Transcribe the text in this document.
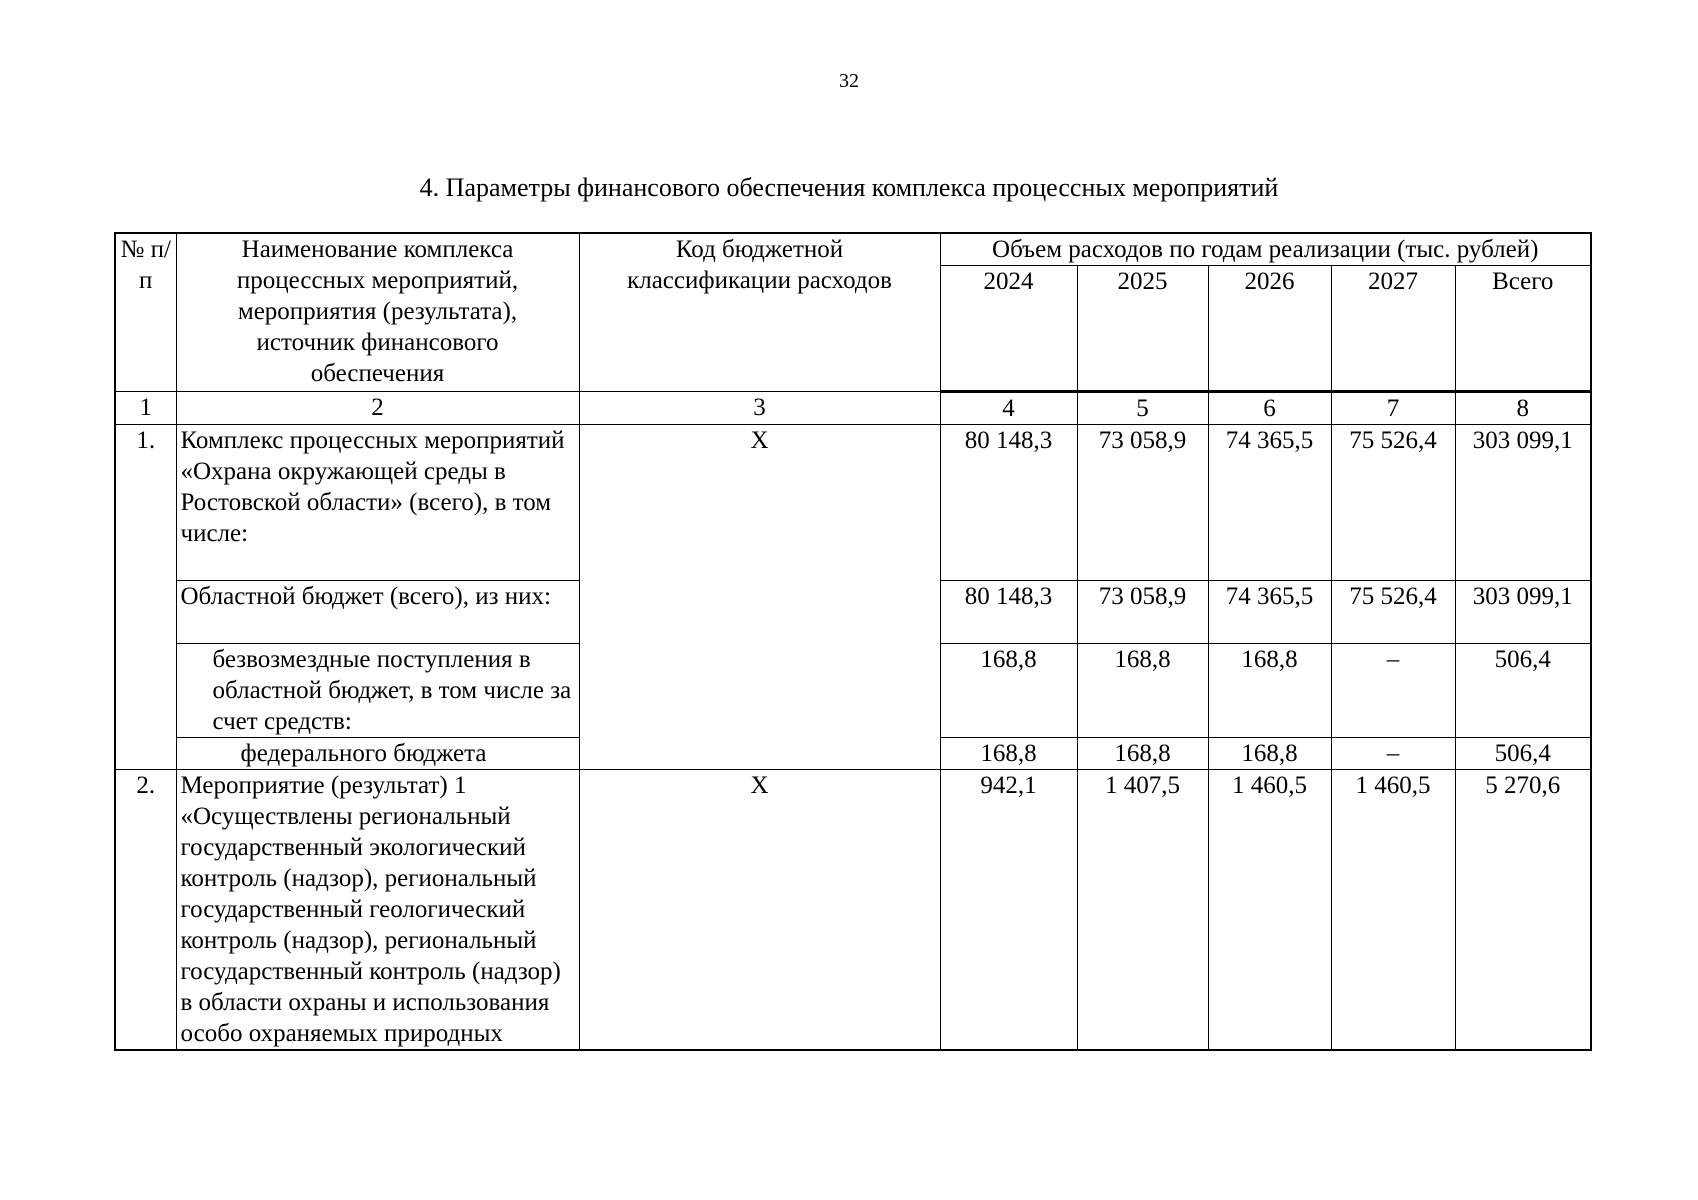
32
4. Параметры финансового обеспечения комплекса процессных мероприятий
№ п/п	Наименование комплекса процессных мероприятий, мероприятия (результата), источник финансового обеспечения	Код бюджетной классификации расходов	Объем расходов по годам реализации (тыс. рублей)				
			2024	2025	2026	2027	Всего
1	2	3	4	5	6	7	8
1.	Комплекс процессных мероприятий «Охрана окружающей среды в Ростовской области» (всего), в том числе:	X	80 148,3	73 058,9	74 365,5	75 526,4	303 099,1
	Областной бюджет (всего), из них:		80 148,3	73 058,9	74 365,5	75 526,4	303 099,1
	безвозмездные поступления в областной бюджет, в том числе за счет средств:		168,8	168,8	168,8	–	506,4
	федерального бюджета		168,8	168,8	168,8	–	506,4
2.	Мероприятие (результат) 1 «Осуществлены региональный государственный экологический контроль (надзор), региональный государственный геологический контроль (надзор), региональный государственный контроль (надзор) в области охраны и использования особо охраняемых природных	X	942,1	1 407,5	1 460,5	1 460,5	5 270,6
